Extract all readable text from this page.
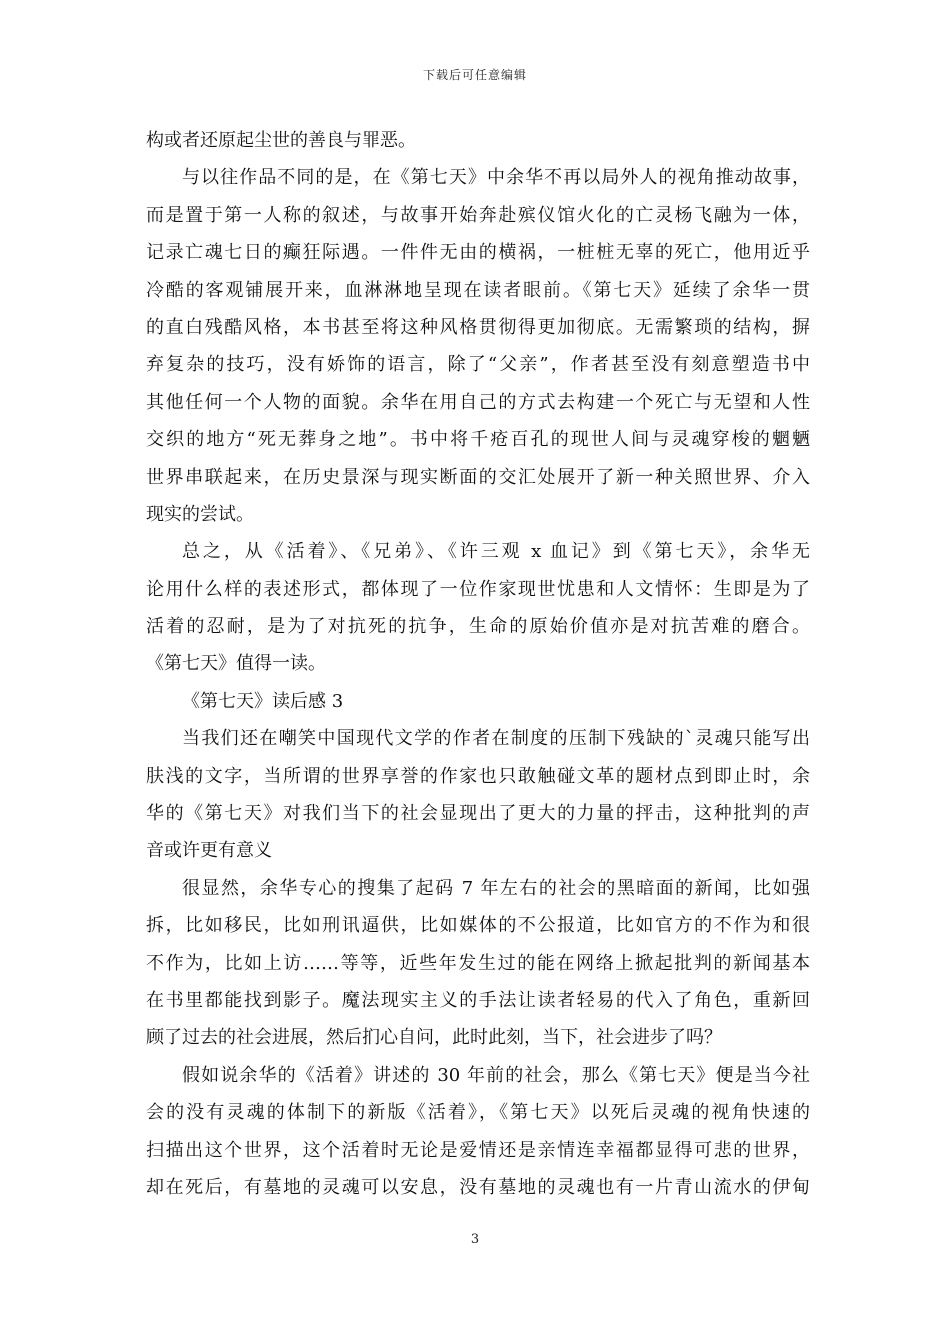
下载后可任意编辑
构或者还原起尘世的善良与罪恶。
与以往作品不同的是，在《第七天》中余华不再以局外人的视角推动故事，
而是置于第一人称的叙述，与故事开始奔赴殡仪馆火化的亡灵杨飞融为一体，
记录亡魂七日的癫狂际遇。一件件无由的横祸，一桩桩无辜的死亡，他用近乎
冷酷的客观铺展开来，血淋淋地呈现在读者眼前。《第七天》延续了余华一贯
的直白残酷风格，本书甚至将这种风格贯彻得更加彻底。无需繁琐的结构，摒
弃复杂的技巧，没有娇饰的语言，除了“父亲”，作者甚至没有刻意塑造书中
其他任何一个人物的面貌。余华在用自己的方式去构建一个死亡与无望和人性
交织的地方“死无葬身之地”。书中将千疮百孔的现世人间与灵魂穿梭的魍魉
世界串联起来，在历史景深与现实断面的交汇处展开了新一种关照世界、介入
现实的尝试。
总之，从《活着》、《兄弟》、《许三观 x 血记》到《第七天》，余华无
论用什么样的表述形式，都体现了一位作家现世忧患和人文情怀：生即是为了
活着的忍耐，是为了对抗死的抗争，生命的原始价值亦是对抗苦难的磨合。
《第七天》值得一读。
《第七天》读后感 3
当我们还在嘲笑中国现代文学的作者在制度的压制下残缺的`灵魂只能写出
肤浅的文字，当所谓的世界享誉的作家也只敢触碰文革的题材点到即止时，余
华的《第七天》对我们当下的社会显现出了更大的力量的抨击，这种批判的声
音或许更有意义
很显然，余华专心的搜集了起码 7 年左右的社会的黑暗面的新闻，比如强
拆，比如移民，比如刑讯逼供，比如媒体的不公报道，比如官方的不作为和很
不作为，比如上访……等等，近些年发生过的能在网络上掀起批判的新闻基本
在书里都能找到影子。魔法现实主义的手法让读者轻易的代入了角色，重新回
顾了过去的社会进展，然后扪心自问，此时此刻，当下，社会进步了吗？
假如说余华的《活着》讲述的 30 年前的社会，那么《第七天》便是当今社
会的没有灵魂的体制下的新版《活着》，《第七天》以死后灵魂的视角快速的
扫描出这个世界，这个活着时无论是爱情还是亲情连幸福都显得可悲的世界，
却在死后，有墓地的灵魂可以安息，没有墓地的灵魂也有一片青山流水的伊甸
3
